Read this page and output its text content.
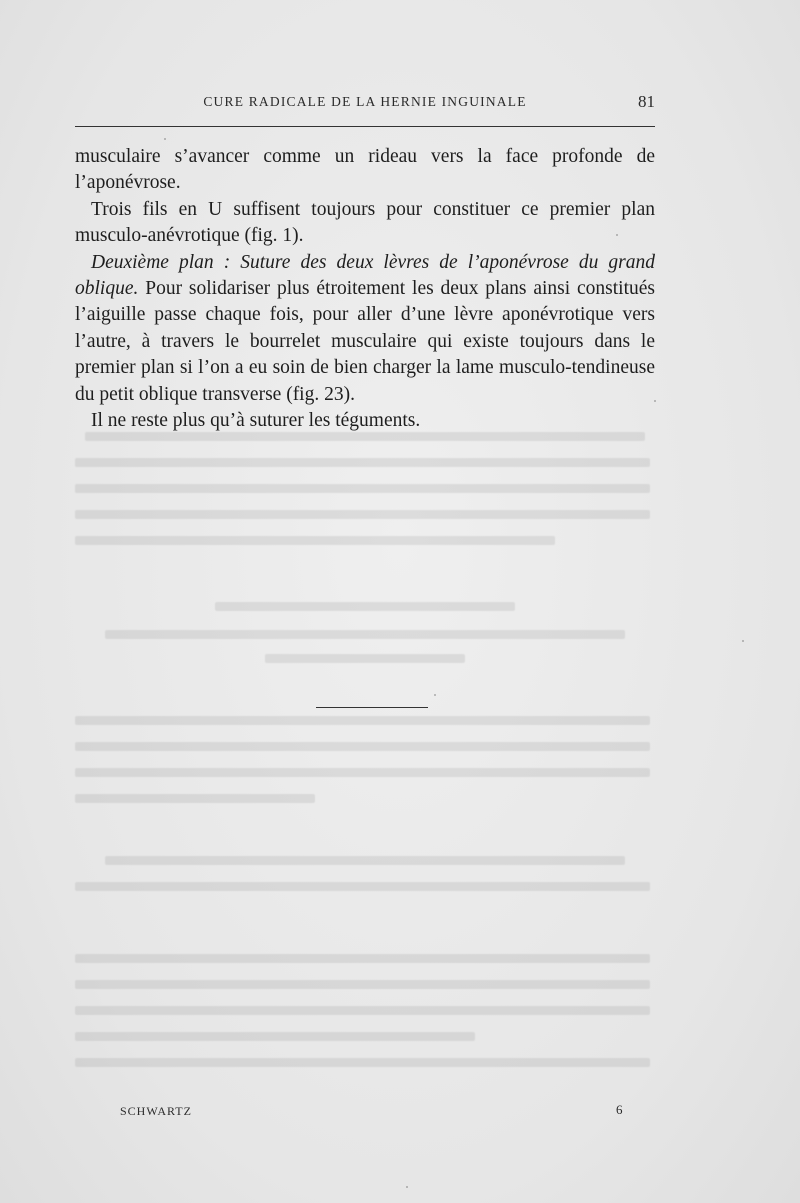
CURE RADICALE DE LA HERNIE INGUINALE	81

musculaire s’avancer comme un rideau vers la face profonde de l’aponévrose.

Trois fils en U suffisent toujours pour constituer ce premier plan musculo-anévrotique (fig. 1).

Deuxième plan : Suture des deux lèvres de l’aponévrose du grand oblique. Pour solidariser plus étroitement les deux plans ainsi constitués l’aiguille passe chaque fois, pour aller d’une lèvre aponévrotique vers l’autre, à travers le bourrelet musculaire qui existe toujours dans le premier plan si l’on a eu soin de bien charger la lame musculo-tendineuse du petit oblique transverse (fig. 23).

Il ne reste plus qu’à suturer les téguments.

SCHWARTZ	6
